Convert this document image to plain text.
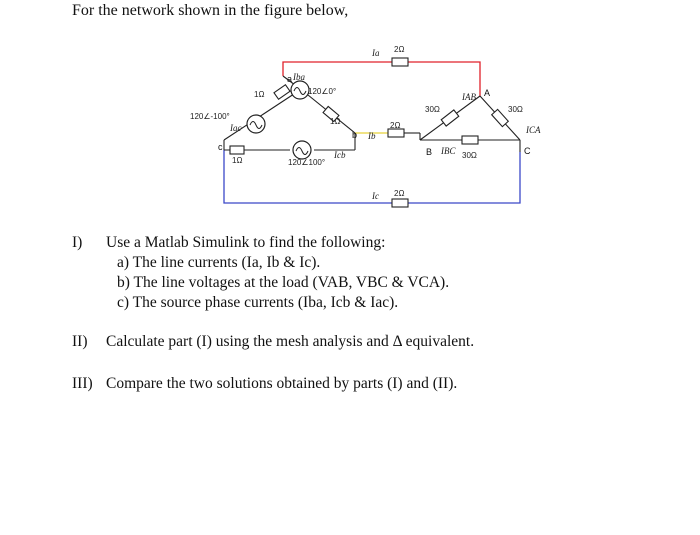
For the network shown in the figure below,
120∠0°
120∠-100°
120∠100°
2Ω
2Ω
2Ω
1Ω
1Ω
1Ω
30Ω	30Ω
30Ω
a
b
c
A
B	C
Ia
Ib
Ic
Iba
Iac
Icb
IAB
IBC
ICA
I) Use a Matlab Simulink to find the following:
a) The line currents (Ia, Ib & Ic).
b) The line voltages at the load (VAB, VBC & VCA).
c) The source phase currents (Iba, Icb & Iac).
II) Calculate part (I) using the mesh analysis and Δ equivalent.
III) Compare the two solutions obtained by parts (I) and (II).
